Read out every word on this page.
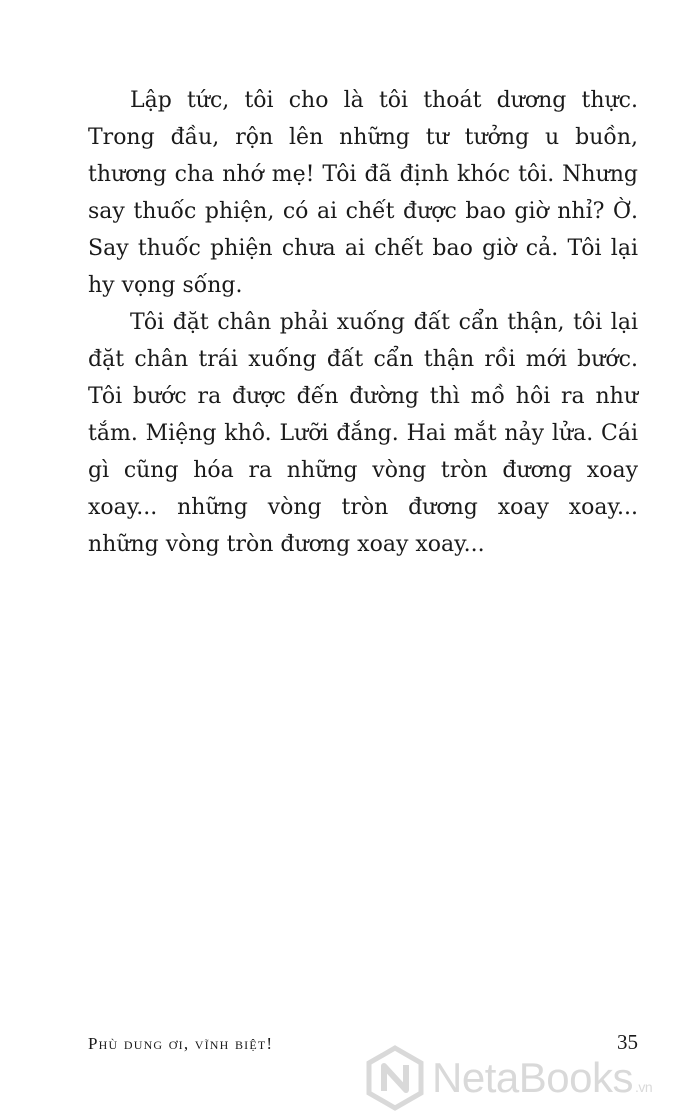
Lập tức, tôi cho là tôi thoát dương thực. Trong đầu, rộn lên những tư tưởng u buồn, thương cha nhớ mẹ! Tôi đã định khóc tôi. Nhưng say thuốc phiện, có ai chết được bao giờ nhỉ? Ờ. Say thuốc phiện chưa ai chết bao giờ cả. Tôi lại hy vọng sống.

Tôi đặt chân phải xuống đất cẩn thận, tôi lại đặt chân trái xuống đất cẩn thận rồi mới bước. Tôi bước ra được đến đường thì mồ hôi ra như tắm. Miệng khô. Lưỡi đắng. Hai mắt nảy lửa. Cái gì cũng hóa ra những vòng tròn đương xoay xoay... những vòng tròn đương xoay xoay... những vòng tròn đương xoay xoay...

Phù dung ơi, vĩnh biệt!	35
NetaBooks .vn
